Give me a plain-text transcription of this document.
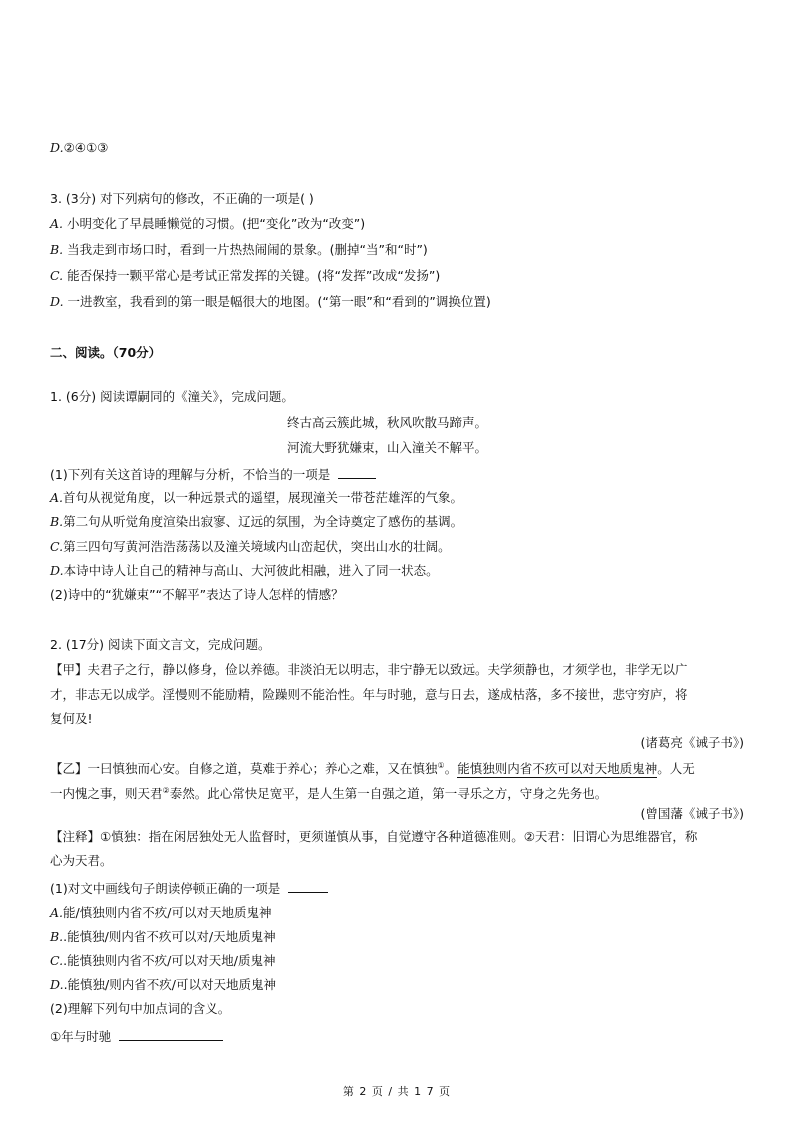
D.②④①③
3. (3分) 对下列病句的修改，不正确的一项是( )
A. 小明变化了早晨睡懒觉的习惯。(把“变化”改为“改变”)
B. 当我走到市场口时，看到一片热热闹闹的景象。(删掉“当”和“时”)
C. 能否保持一颗平常心是考试正常发挥的关键。(将“发挥”改成“发扬”)
D. 一进教室，我看到的第一眼是幅很大的地图。(“第一眼”和“看到的”调换位置)
二、阅读。（70分）
1. (6分) 阅读谭嗣同的《潼关》，完成问题。
终古高云簇此城，秋风吹散马蹄声。
河流大野犹嫌束，山入潼关不解平。
(1)下列有关这首诗的理解与分析，不恰当的一项是
A.首句从视觉角度，以一种远景式的遥望，展现潼关一带苍茫雄浑的气象。
B.第二句从听觉角度渲染出寂寥、辽远的氛围，为全诗奠定了感伤的基调。
C.第三四句写黄河浩浩荡荡以及潼关境域内山峦起伏，突出山水的壮阔。
D.本诗中诗人让自己的精神与高山、大河彼此相融，进入了同一状态。
(2)诗中的“犹嫌束”“不解平”表达了诗人怎样的情感？
2. (17分) 阅读下面文言文，完成问题。
【甲】夫君子之行，静以修身，俭以养德。非淡泊无以明志，非宁静无以致远。夫学须静也，才须学也，非学无以广
才，非志无以成学。淫慢则不能励精，险躁则不能治性。年与时驰，意与日去，遂成枯落，多不接世，悲守穷庐，将
复何及!
(诸葛亮《诫子书》)
【乙】一曰慎独而心安。自修之道，莫难于养心；养心之难，又在慎独①。能慎独则内省不疚可以对天地质鬼神。人无
一内愧之事，则天君②泰然。此心常快足宽平，是人生第一自强之道，第一寻乐之方，守身之先务也。
(曾国藩《诫子书》)
【注释】①慎独：指在闲居独处无人监督时，更须谨慎从事，自觉遵守各种道德准则。②天君：旧谓心为思维器官，称
心为天君。
(1)对文中画线句子朗读停顿正确的一项是
A.能/慎独则内省不疚/可以对天地质鬼神
B..能慎独/则内省不疚可以对/天地质鬼神
C..能慎独则内省不疚/可以对天地/质鬼神
D..能慎独/则内省不疚/可以对天地质鬼神
(2)理解下列句中加点词的含义。
①年与时驰
第 2 页 / 共 1 7 页
